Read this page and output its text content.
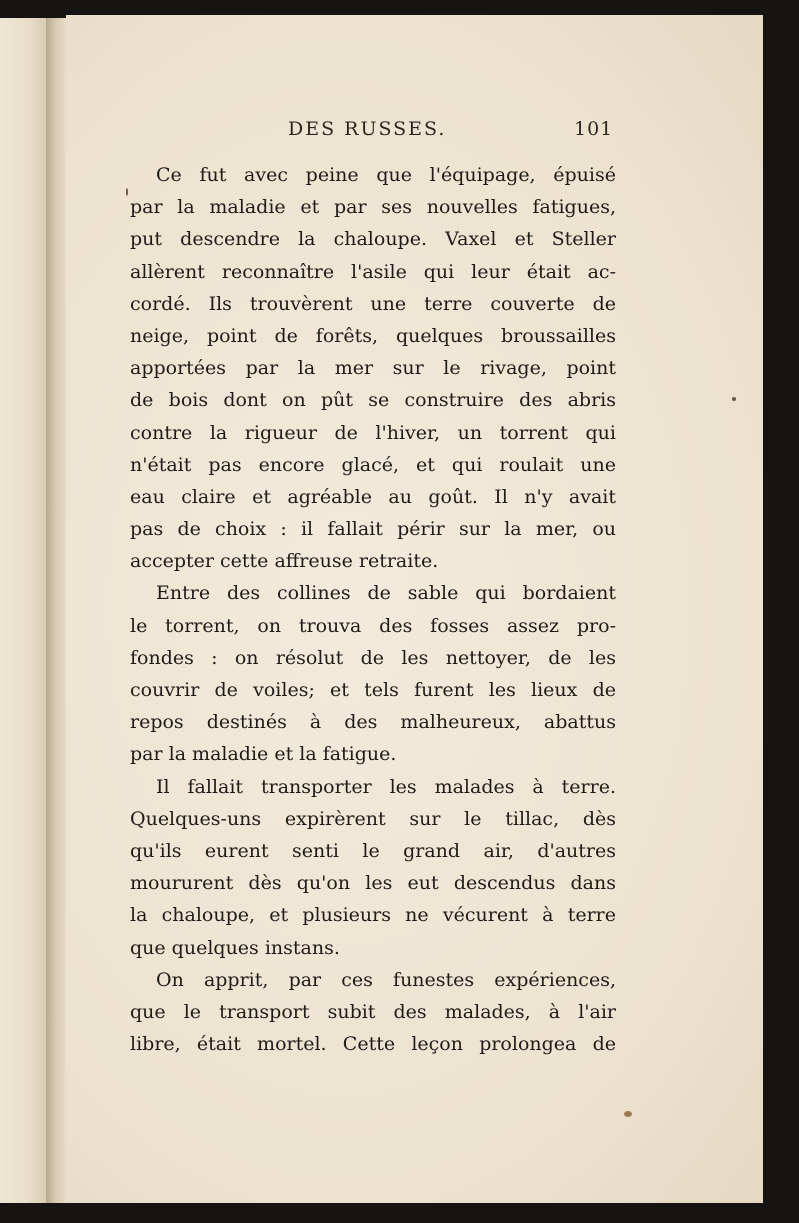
DES RUSSES.	101
Ce fut avec peine que l'équipage, épuisé
par la maladie et par ses nouvelles fatigues,
put descendre la chaloupe. Vaxel et Steller
allèrent reconnaître l'asile qui leur était ac-
cordé. Ils trouvèrent une terre couverte de
neige, point de forêts, quelques broussailles
apportées par la mer sur le rivage, point
de bois dont on pût se construire des abris
contre la rigueur de l'hiver, un torrent qui
n'était pas encore glacé, et qui roulait une
eau claire et agréable au goût. Il n'y avait
pas de choix : il fallait périr sur la mer, ou
accepter cette affreuse retraite.
Entre des collines de sable qui bordaient
le torrent, on trouva des fosses assez pro-
fondes : on résolut de les nettoyer, de les
couvrir de voiles; et tels furent les lieux de
repos destinés à des malheureux, abattus
par la maladie et la fatigue.
Il fallait transporter les malades à terre.
Quelques-uns expirèrent sur le tillac, dès
qu'ils eurent senti le grand air, d'autres
moururent dès qu'on les eut descendus dans
la chaloupe, et plusieurs ne vécurent à terre
que quelques instans.
On apprit, par ces funestes expériences,
que le transport subit des malades, à l'air
libre, était mortel. Cette leçon prolongea de
